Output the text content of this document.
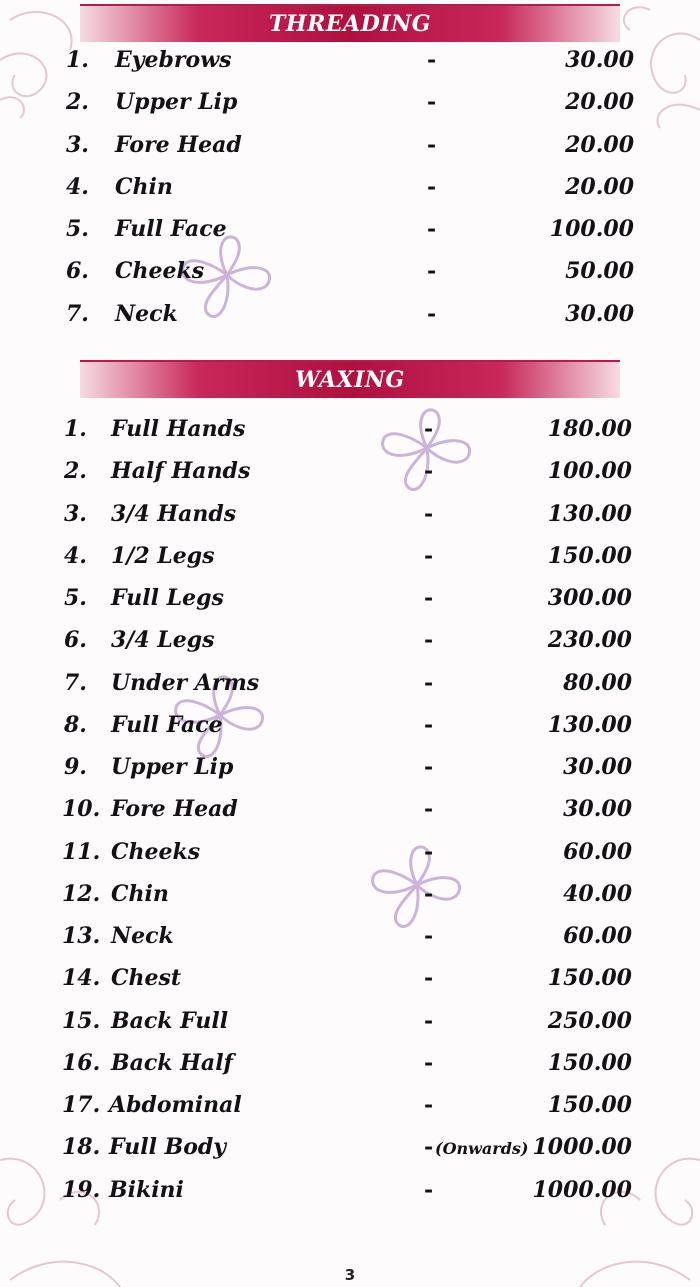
THREADING
1. Eyebrows	-	30.00
2. Upper Lip	-	20.00
3. Fore Head	-	20.00
4. Chin	-	20.00
5. Full Face	-	100.00
6. Cheeks	-	50.00
7. Neck	-	30.00
WAXING
1. Full Hands	-	180.00
2. Half Hands	-	100.00
3. 3/4 Hands	-	130.00
4. 1/2 Legs	-	150.00
5. Full Legs	-	300.00
6. 3/4 Legs	-	230.00
7. Under Arms	-	80.00
8. Full Face	-	130.00
9. Upper Lip	-	30.00
10. Fore Head	-	30.00
11. Cheeks	-	60.00
12. Chin	-	40.00
13. Neck	-	60.00
14. Chest	-	150.00
15. Back Full	-	250.00
16. Back Half	-	150.00
17. Abdominal	-	150.00
18. Full Body	- (Onwards) 1000.00
19. Bikini	-	1000.00
3
